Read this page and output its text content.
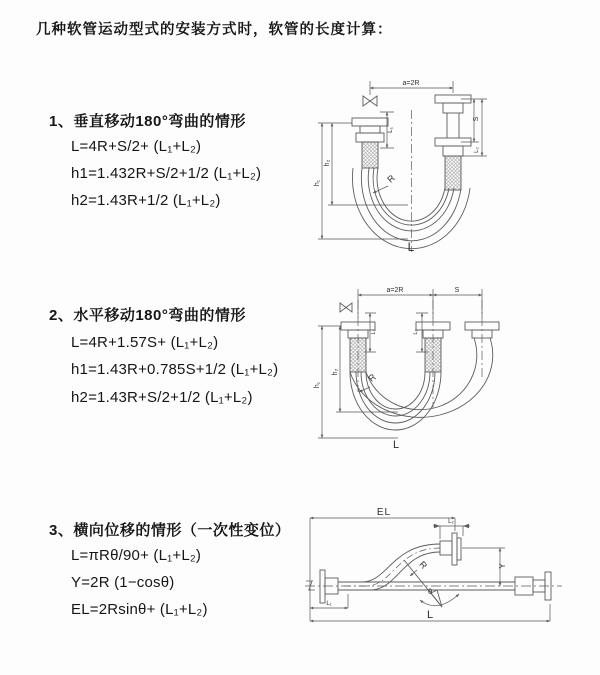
几种软管运动型式的安装方式时，软管的长度计算：
1、垂直移动180°弯曲的情形
L=4R+S/2+ (L₁+L₂)
h1=1.432R+S/2+1/2 (L₁+L₂)
h2=1.43R+1/2 (L₁+L₂)
2、水平移动180°弯曲的情形
L=4R+1.57S+ (L₁+L₂)
h1=1.43R+0.785S+1/2 (L₁+L₂)
h2=1.43R+S/2+1/2 (L₁+L₂)
3、横向位移的情形（一次性变位）
L=πRθ/90+ (L₁+L₂)
Y=2R (1−cosθ)
EL=2Rsinθ+ (L₁+L₂)
a=2R
L₁
S
L₂
h₁
h₂
R
L
a=2R	S
L₁	L₂
h₁
h₂	R
L
EL
L₂
Y
L
L₁
R
θ
